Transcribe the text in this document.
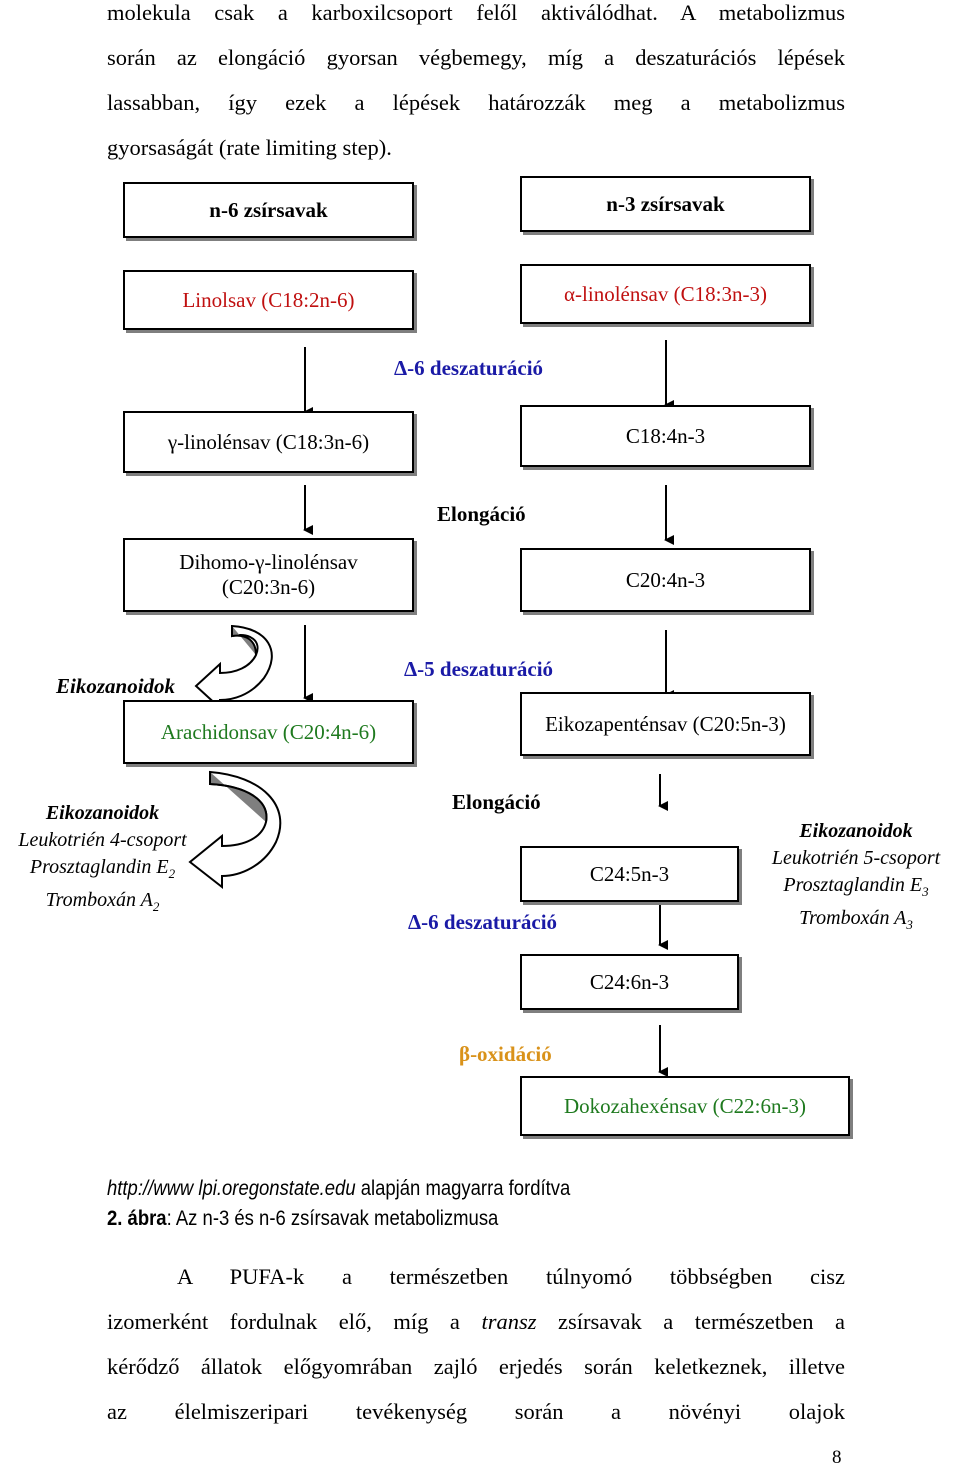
molekula csak a karboxilcsoport felől aktiválódhat. A metabolizmus
során az elongáció gyorsan végbemegy, míg a deszaturációs lépések
lassabban, így ezek a lépések határozzák meg a metabolizmus
gyorsaságát (rate limiting step).
n-6 zsírsavak	n-3 zsírsavak
Linolsav (C18:2n-6)	α-linolénsav (C18:3n-3)
Δ-6 deszaturáció
γ-linolénsav (C18:3n-6)	C18:4n-3
Elongáció
Dihomo-γ-linolénsav
(C20:3n-6)	C20:4n-3
Eikozanoidok
Δ-5 deszaturáció
Arachidonsav (C20:4n-6)	Eikozapenténsav (C20:5n-3)
Eikozanoidok
Leukotrién 4-csoport
Prosztaglandin $E_2$
Tromboxán $A_2$
Elongáció
C24:5n-3
Δ-6 deszaturáció
Eikozanoidok
Leukotrién 5-csoport
Prosztaglandin $E_3$
Tromboxán $A_3$
C24:6n-3
β-oxidáció
Dokozahexénsav (C22:6n-3)
http://www lpi.oregonstate.edu alapján magyarra fordítva
2. ábra: Az n-3 és n-6 zsírsavak metabolizmusa
A PUFA-k a természetben túlnyomó többségben cisz
izomerként fordulnak elő, míg a transz zsírsavak a természetben a
kérődző állatok előgyomrában zajló erjedés során keletkeznek, illetve
az élelmiszeripari tevékenység során a növényi olajok
8
